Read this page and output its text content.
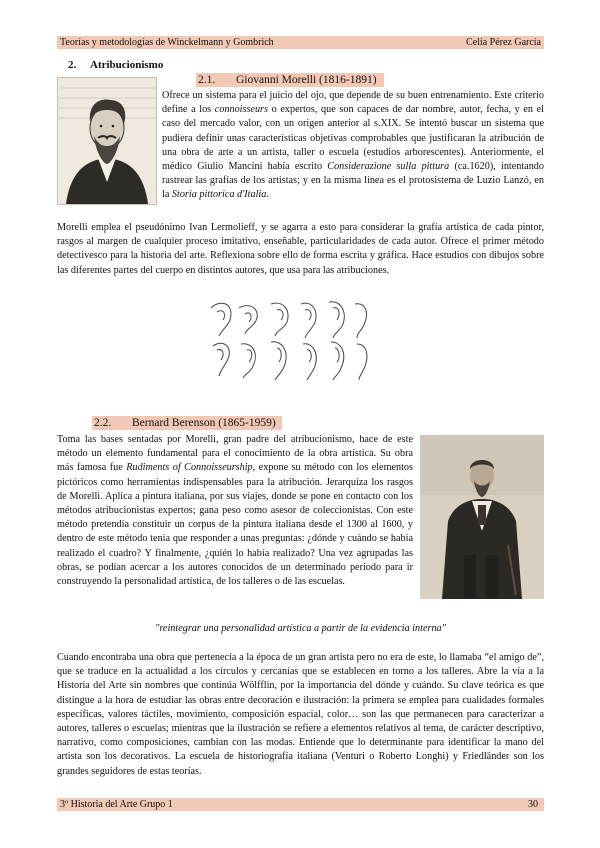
Teorías y metodologías de Winckelmann y Gombrich	Celia Pérez García
2. Atribucionismo
2.1. Giovanni Morelli (1816-1891)

Ofrece un sistema para el juicio del ojo, que depende de su buen entrenamiento. Este criterio define a los connoisseurs o expertos, que son capaces de dar nombre, autor, fecha, y en el caso del mercado valor, con un origen anterior al s.XIX. Se intentó buscar un sistema que pudiera definir unas características objetivas comprobables que justificaran la atribución de una obra de arte a un artista, taller o escuela (estudios arborescentes). Anteriormente, el médico Giulio Mancini había escrito Considerazione sulla pittura (ca.1620), intentando rastrear las grafías de los artistas; y en la misma línea es el protosistema de Luzio Lanzó, en la Storia pittorica d'Italia.

Morelli emplea el pseudónimo Ivan Lermolieff, y se agarra a esto para considerar la grafía artística de cada pintor, rasgos al margen de cualquier proceso imitativo, enseñable, particularidades de cada autor. Ofrece el primer método detectivesco para la historia del arte. Reflexiona sobre ello de forma escrita y gráfica. Hace estudios con dibujos sobre las diferentes partes del cuerpo en distintos autores, que usa para las atribuciones.

2.2. Bernard Berenson (1865-1959)

Toma las bases sentadas por Morelli, gran padre del atribucionismo, hace de este método un elemento fundamental para el conocimiento de la obra artística. Su obra más famosa fue Rudiments of Connoisseurship, expone su método con los elementos pictóricos como herramientas indispensables para la atribución. Jerarquiza los rasgos de Morelli. Aplica a pintura italiana, por sus viajes, donde se pone en contacto con los métodos atribucionistas expertos; gana peso como asesor de coleccionistas. Con este método pretendía constituir un corpus de la pintura italiana desde el 1300 al 1600, y dentro de este método tenía que responder a unas preguntas: ¿dónde y cuándo se había realizado el cuadro? Y finalmente, ¿quién lo había realizado? Una vez agrupadas las obras, se podían acercar a los autores conocidos de un determinado periodo para ir construyendo la personalidad artística, de los talleres o de las escuelas.

"reintegrar una personalidad artística a partir de la evidencia interna"

Cuando encontraba una obra que pertenecía a la época de un gran artista pero no era de este, lo llamaba “el amigo de”, que se traduce en la actualidad a los círculos y cercanías que se establecen en torno a los talleres. Abre la vía a la Historia del Arte sin nombres que continúa Wölfflin, por la importancia del dónde y cuándo. Su clave teórica es que distingue a la hora de estudiar las obras entre decoración e ilustración: la primera se emplea para cualidades formales específicas, valores táctiles, movimiento, composición espacial, color… son las que permanecen para caracterizar a autores, talleres o escuelas; mientras que la ilustración se refiere a elementos relativos al tema, de carácter descriptivo, narrativo, como composiciones, cambian con las modas. Entiende que lo determinante para identificar la mano del artista son los decorativos. La escuela de historiografía italiana (Venturi o Roberto Longhi) y Friedländer son los grandes seguidores de estas teorías.

3º Historia del Arte Grupo 1	30
